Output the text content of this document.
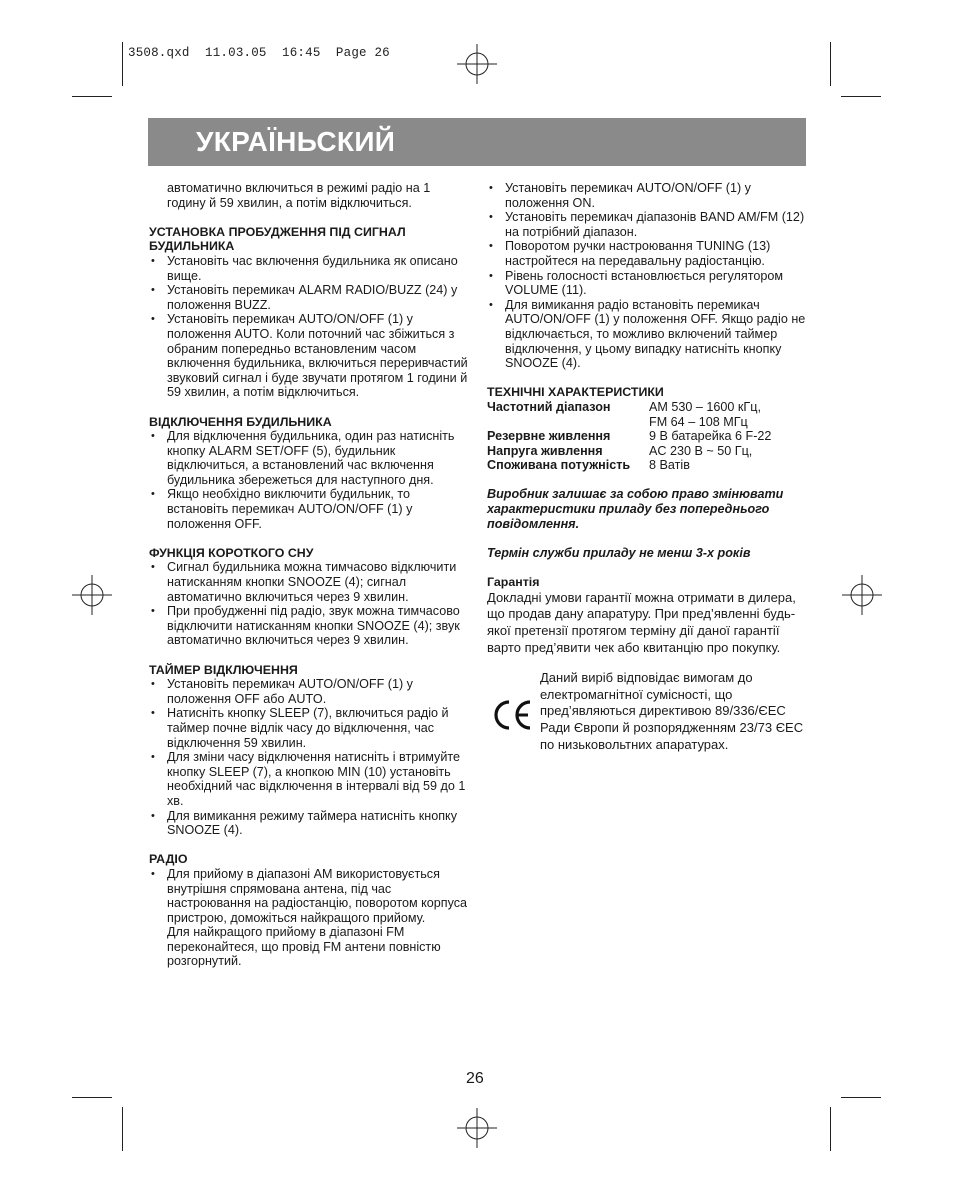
3508.qxd  11.03.05  16:45  Page 26
УКРАЇНЬСКИЙ

автоматично включиться в режимі радіо на 1 годину й 59 хвилин, а потім відключиться.

УСТАНОВКА ПРОБУДЖЕННЯ ПІД СИГНАЛ БУДИЛЬНИКА
• Установіть час включення будильника як описано вище.
• Установіть перемикач ALARM RADIO/BUZZ (24) у положення BUZZ.
• Установіть перемикач AUTO/ON/OFF (1) у положення AUTO. Коли поточний час збіжиться з обраним попередньо встановленим часом включення будильника, включиться переривчастий звуковий сигнал і буде звучати протягом 1 години й 59 хвилин, а потім відключиться.
ВІДКЛЮЧЕННЯ БУДИЛЬНИКА
• Для відключення будильника, один раз натисніть кнопку ALARM SET/OFF (5), будильник відключиться, а встановлений час включення будильника збережеться для наступного дня.
• Якщо необхідно виключити будильник, то встановіть перемикач AUTO/ON/OFF (1) у положення OFF.
ФУНКЦІЯ КОРОТКОГО СНУ
• Сигнал будильника можна тимчасово відключити натисканням кнопки SNOOZE (4); сигнал автоматично включиться через 9 хвилин.
• При пробудженні під радіо, звук можна тимчасово відключити натисканням кнопки SNOOZE (4); звук автоматично включиться через 9 хвилин.
ТАЙМЕР ВІДКЛЮЧЕННЯ
• Установіть перемикач AUTO/ON/OFF (1) у положення OFF або AUTO.
• Натисніть кнопку SLEEP (7), включиться радіо й таймер почне відлік часу до відключення, час відключення 59 хвилин.
• Для зміни часу відключення натисніть і втримуйте кнопку SLEEP (7), а кнопкою MIN (10) установіть необхідний час відключення в інтервалі від 59 до 1 хв.
• Для вимикання режиму таймера натисніть кнопку SNOOZE (4).
РАДІО
• Для прийому в діапазоні AM використовується внутрішня спрямована антена, під час настроювання на радіостанцію, поворотом корпуса пристрою, доможіться найкращого прийому.

Для найкращого прийому в діапазоні FM переконайтеся, що провід FM антени повністю розгорнутий.

• Установіть перемикач AUTO/ON/OFF (1) у положення ON.
• Установіть перемикач діапазонів BAND AM/FM (12) на потрібний діапазон.
• Поворотом ручки настроювання TUNING (13) настройтеся на передавальну радіостанцію.
• Рівень голосності встановлюється регулятором VOLUME (11).
• Для вимикання радіо встановіть перемикач AUTO/ON/OFF (1) у положення OFF. Якщо радіо не відключається, то можливо включений таймер відключення, у цьому випадку натисніть кнопку SNOOZE (4).
ТЕХНІЧНІ ХАРАКТЕРИСТИКИ
Частотний діапазон	AM 530 – 1600 кГц,
FM 64 – 108 МГц
Резервне живлення	9 В батарейка 6 F-22
Напруга живлення	AC 230 В ~ 50 Гц,
Споживана потужність	8 Ватів

Виробник залишає за собою право змінювати характеристики приладу без попереднього повідомлення.

Термін служби приладу не менш 3-х років

Гарантія

Докладні умови гарантії можна отримати в дилера, що продав дану апаратуру. При пред’явленні будь-якої претензії протягом терміну дії даної гарантії варто пред’явити чек або квитанцію про покупку.

Даний виріб відповідає вимогам до електромагнітної сумісності, що пред’являються директивою 89/336/ЄЕС Ради Європи й розпорядженням 23/73 ЄЕС по низьковольтних апаратурах.

26
